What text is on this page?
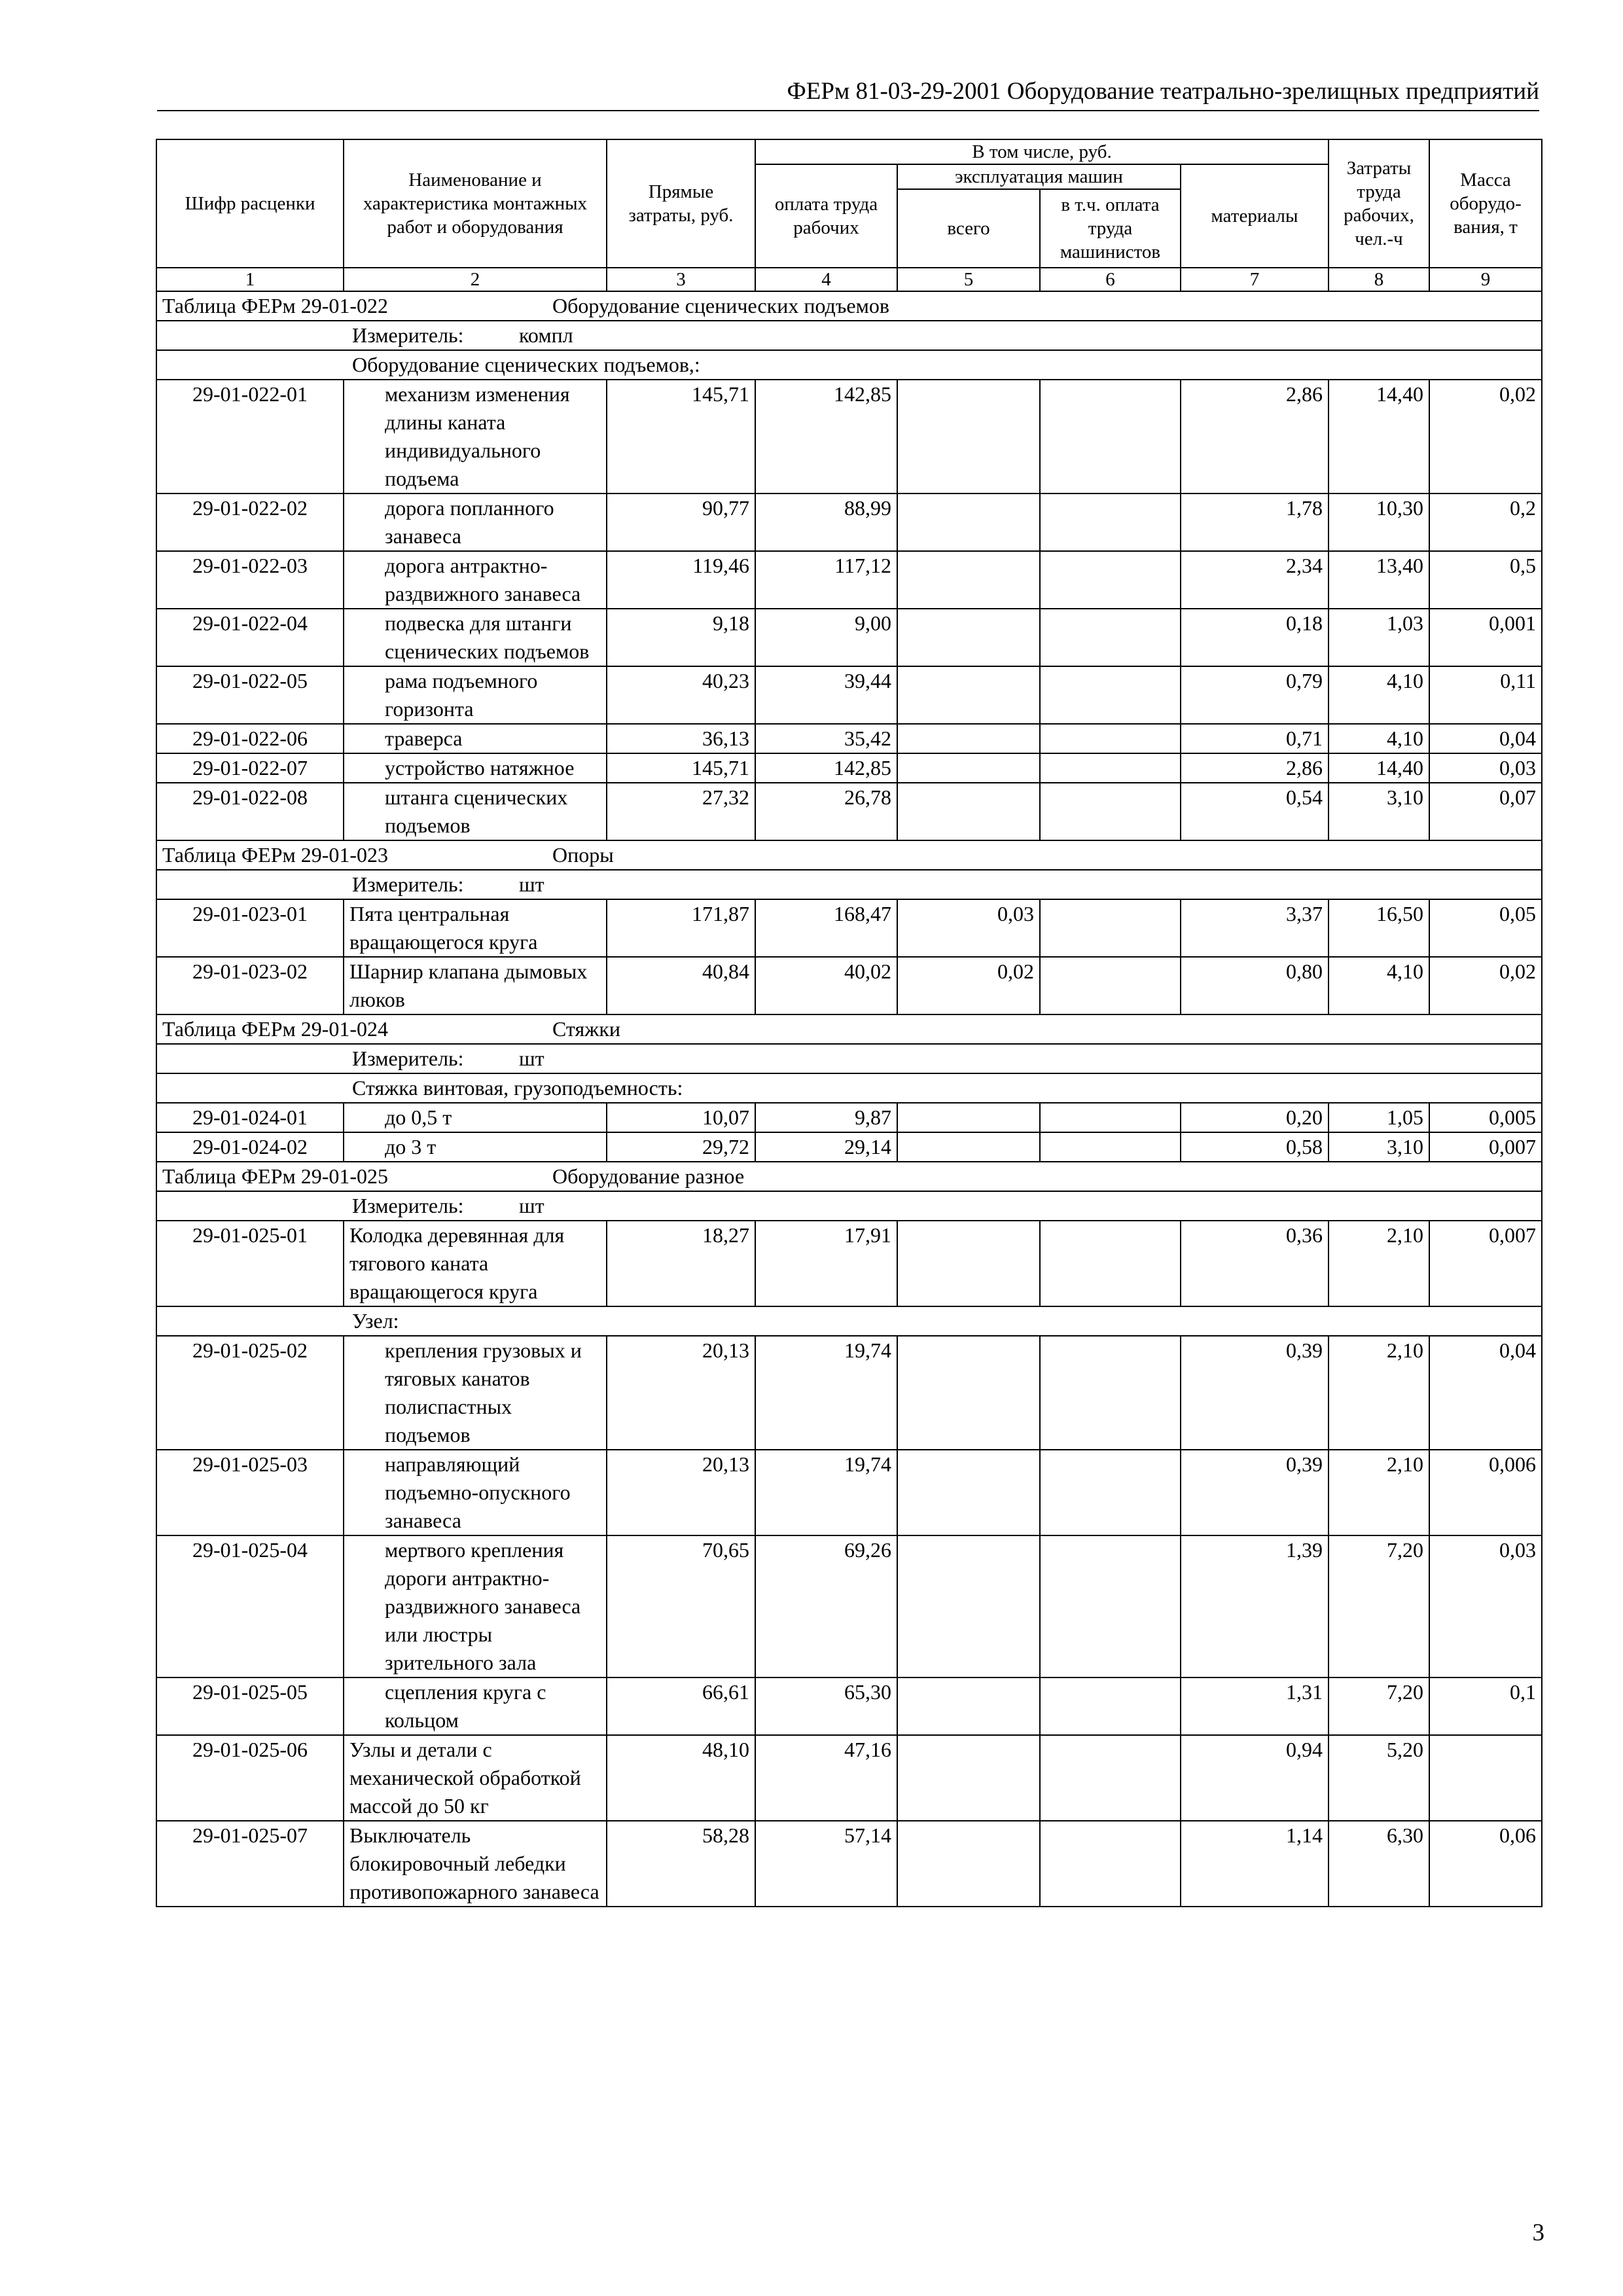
ФЕРм 81-03-29-2001 Оборудование театрально-зрелищных предприятий
Шифр расценки	Наименование и характеристика монтажных работ и оборудования	Прямые затраты, руб.	В том числе, руб.				Затраты труда рабочих, чел.-ч	Масса оборудо-вания, т
			оплата труда рабочих	эксплуатация машин		материалы		
				всего	в т.ч. оплата труда машинистов			
1	2	3	4	5	6	7	8	9
Таблица ФЕРм 29-01-022 Оборудование сценических подъемов								
Измеритель: компл								
Оборудование сценических подъемов,:								
29-01-022-01	механизм изменения длины каната индивидуального подъема	145,71	142,85			2,86	14,40	0,02
29-01-022-02	дорога попланного занавеса	90,77	88,99			1,78	10,30	0,2
29-01-022-03	дорога антрактно-раздвижного занавеса	119,46	117,12			2,34	13,40	0,5
29-01-022-04	подвеска для штанги сценических подъемов	9,18	9,00			0,18	1,03	0,001
29-01-022-05	рама подъемного горизонта	40,23	39,44			0,79	4,10	0,11
29-01-022-06	траверса	36,13	35,42			0,71	4,10	0,04
29-01-022-07	устройство натяжное	145,71	142,85			2,86	14,40	0,03
29-01-022-08	штанга сценических подъемов	27,32	26,78			0,54	3,10	0,07
Таблица ФЕРм 29-01-023 Опоры								
Измеритель: шт								
29-01-023-01	Пята центральная вращающегося круга	171,87	168,47	0,03		3,37	16,50	0,05
29-01-023-02	Шарнир клапана дымовых люков	40,84	40,02	0,02		0,80	4,10	0,02
Таблица ФЕРм 29-01-024 Стяжки								
Измеритель: шт								
Стяжка винтовая, грузоподъемность:								
29-01-024-01	до 0,5 т	10,07	9,87			0,20	1,05	0,005
29-01-024-02	до 3 т	29,72	29,14			0,58	3,10	0,007
Таблица ФЕРм 29-01-025 Оборудование разное								
Измеритель: шт								
29-01-025-01	Колодка деревянная для тягового каната вращающегося круга	18,27	17,91			0,36	2,10	0,007
Узел:								
29-01-025-02	крепления грузовых и тяговых канатов полиспастных подъемов	20,13	19,74			0,39	2,10	0,04
29-01-025-03	направляющий подъемно-опускного занавеса	20,13	19,74			0,39	2,10	0,006
29-01-025-04	мертвого крепления дороги антрактно-раздвижного занавеса или люстры зрительного зала	70,65	69,26			1,39	7,20	0,03
29-01-025-05	сцепления круга с кольцом	66,61	65,30			1,31	7,20	0,1
29-01-025-06	Узлы и детали с механической обработкой массой до 50 кг	48,10	47,16			0,94	5,20	
29-01-025-07	Выключатель блокировочный лебедки противопожарного занавеса	58,28	57,14			1,14	6,30	0,06
3
